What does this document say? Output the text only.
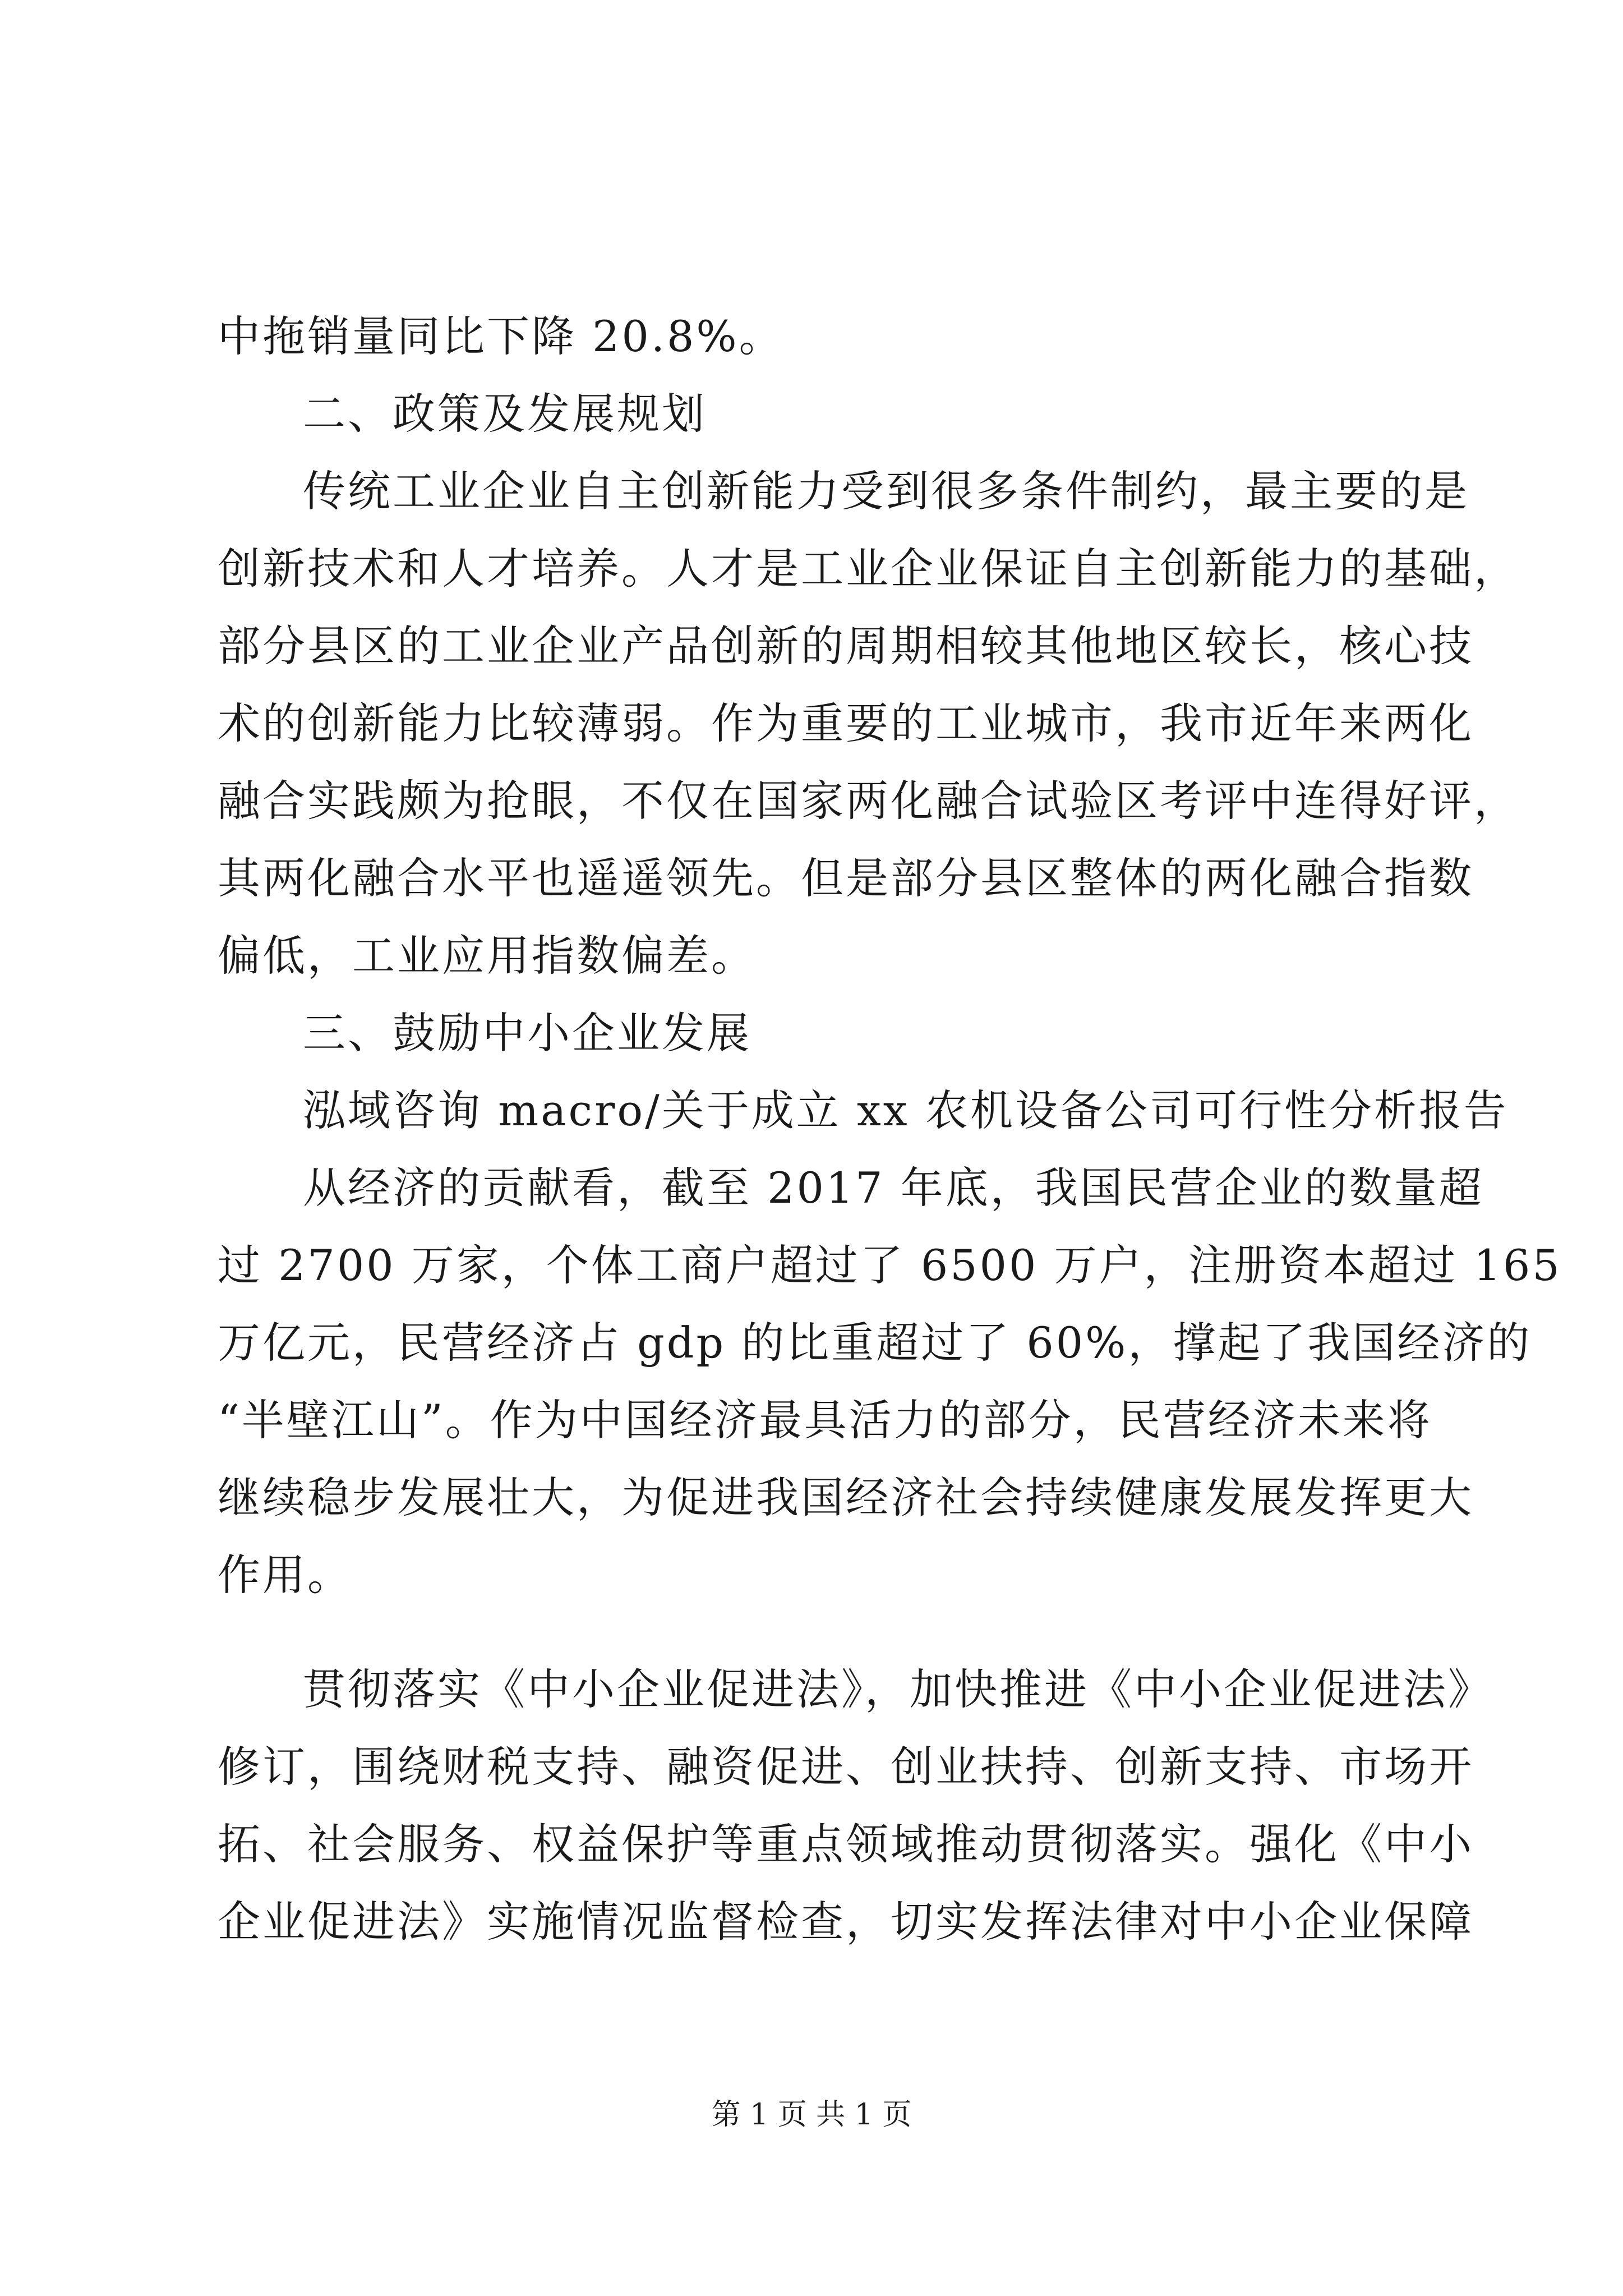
中拖销量同比下降 20.8%。
二、政策及发展规划
传统工业企业自主创新能力受到很多条件制约，最主要的是
创新技术和人才培养。人才是工业企业保证自主创新能力的基础，
部分县区的工业企业产品创新的周期相较其他地区较长，核心技
术的创新能力比较薄弱。作为重要的工业城市，我市近年来两化
融合实践颇为抢眼，不仅在国家两化融合试验区考评中连得好评，
其两化融合水平也遥遥领先。但是部分县区整体的两化融合指数
偏低，工业应用指数偏差。
三、鼓励中小企业发展
泓域咨询 macro/关于成立 xx 农机设备公司可行性分析报告
从经济的贡献看，截至 2017 年底，我国民营企业的数量超
过 2700 万家，个体工商户超过了 6500 万户，注册资本超过 165
万亿元，民营经济占 gdp 的比重超过了 60%，撑起了我国经济的
“半壁江山”。作为中国经济最具活力的部分，民营经济未来将
继续稳步发展壮大，为促进我国经济社会持续健康发展发挥更大
作用。
贯彻落实《中小企业促进法》，加快推进《中小企业促进法》
修订，围绕财税支持、融资促进、创业扶持、创新支持、市场开
拓、社会服务、权益保护等重点领域推动贯彻落实。强化《中小
企业促进法》实施情况监督检查，切实发挥法律对中小企业保障
第 1 页 共 1 页
